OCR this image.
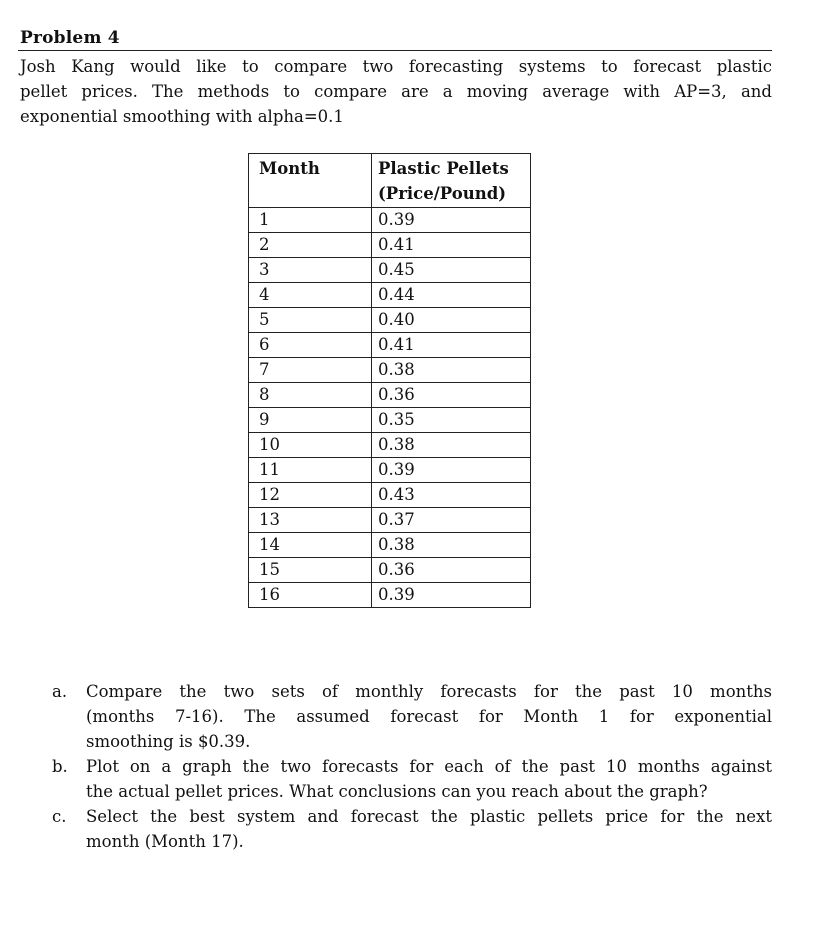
Problem 4
Josh Kang would like to compare two forecasting systems to forecast plastic
pellet prices. The methods to compare are a moving average with AP=3, and
exponential smoothing with alpha=0.1
Month	Plastic Pellets
(Price/Pound)
1	0.39
2	0.41
3	0.45
4	0.44
5	0.40
6	0.41
7	0.38
8	0.36
9	0.35
10	0.38
11	0.39
12	0.43
13	0.37
14	0.38
15	0.36
16	0.39
a.	Compare the two sets of monthly forecasts for the past 10 months
(months 7-16). The assumed forecast for Month 1 for exponential
smoothing is $0.39.
b.	Plot on a graph the two forecasts for each of the past 10 months against
the actual pellet prices. What conclusions can you reach about the graph?
c.	Select the best system and forecast the plastic pellets price for the next
month (Month 17).
